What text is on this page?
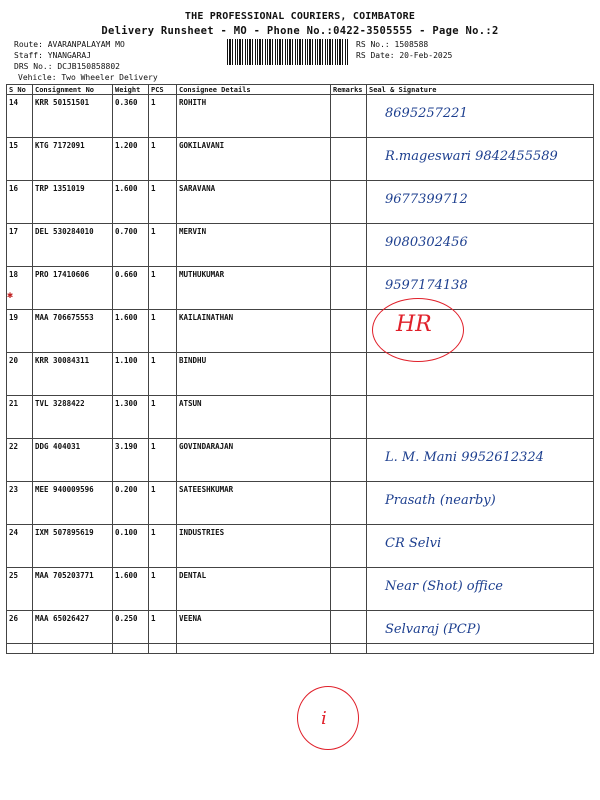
THE PROFESSIONAL COURIERS, COIMBATORE
Delivery Runsheet - MO - Phone No.:0422-3505555 - Page No.:2
Route: AVARANPALAYAM MO
Staff: YNANGARAJ
DRS No.: DCJB150858802
Vehicle: Two Wheeler Delivery
RS No.: 1508588
RS Date: 20-Feb-2025
S No	Consignment No	Weight	PCS	Consignee Details	Remarks	Seal & Signature
14	KRR 50151501	0.360	1	ROHITH		8695257221

15	KTG 7172091	1.200	1	GOKILAVANI		R.mageswari 9842455589

16	TRP 1351019	1.600	1	SARAVANA		9677399712

17	DEL 530284010	0.700	1	MERVIN		9080302456

18	PRO 17410606	0.660	1	MUTHUKUMAR		9597174138

19	MAA 706675553	1.600	1	KAILAINATHAN		

20	KRR 30084311	1.100	1	BINDHU		

21	TVL 3288422	1.300	1	ATSUN		

22	DDG 404031	3.190	1	GOVINDARAJAN		L. M. Mani 9952612324

23	MEE 940009596	0.200	1	SATEESHKUMAR		Prasath (nearby)

24	IXM 507895619	0.100	1	INDUSTRIES		CR Selvi

25	MAA 705203771	1.600	1	DENTAL		Near (Shot) office

26	MAA 65026427	0.250	1	VEENA		Selvaraj (PCP)
✱
HR
i
